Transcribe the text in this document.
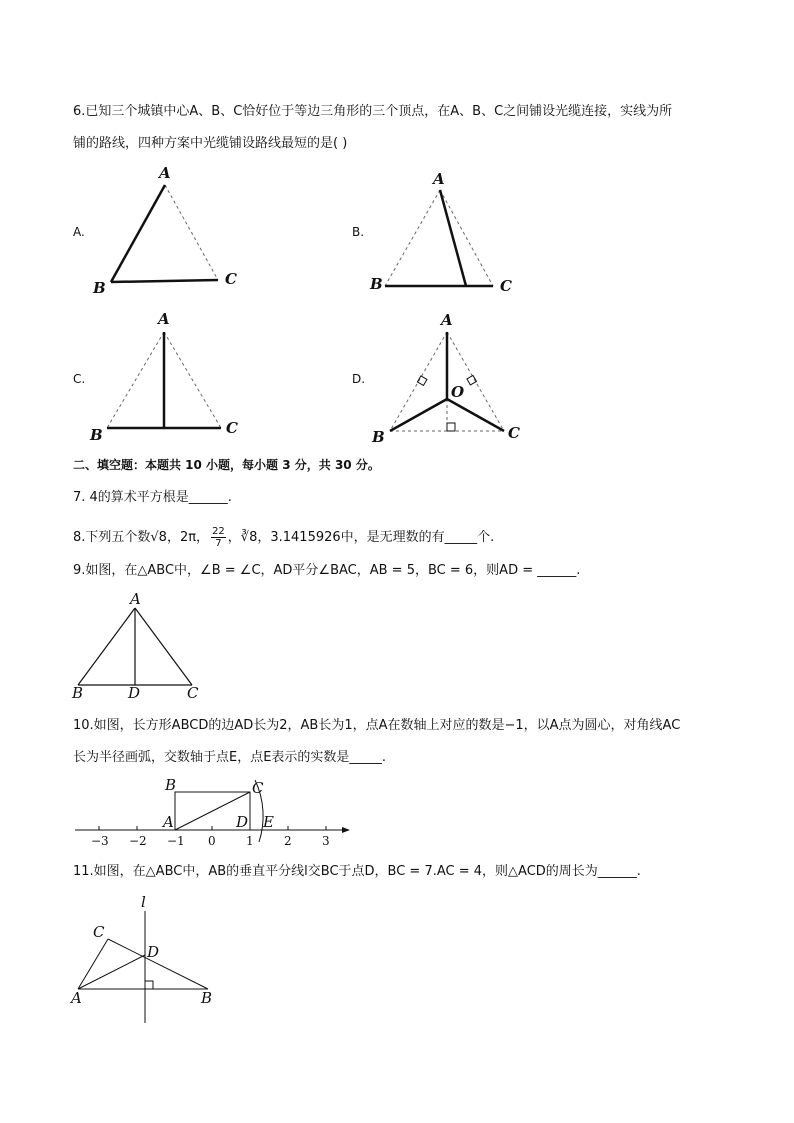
6.已知三个城镇中心A、B、C恰好位于等边三角形的三个顶点，在A、B、C之间铺设光缆连接，实线为所
铺的路线，四种方案中光缆铺设路线最短的是( )
A.	B.
C.	D.
A
B	C
A
B	C
A
B	C
A
O
B	C
二、填空题：本题共 10 小题，每小题 3 分，共 30 分。
7. 4的算术平方根是______.
8.下列五个数√8，2π， $\frac{22}{7}$ ，∛8，3.1415926中，是无理数的有_____个.
9.如图，在△ABC中，∠B = ∠C，AD平分∠BAC，AB = 5，BC = 6，则AD = ______.
A
B	D	C
10.如图，长方形ABCD的边AD长为2，AB长为1，点A在数轴上对应的数是−1，以A点为圆心，对角线AC
长为半径画弧，交数轴于点E，点E表示的实数是_____.
B	C
A	D E
−3 −2 −1 0	1	2	3
11.如图，在△ABC中，AB的垂直平分线l交BC于点D，BC = 7.AC = 4，则△ACD的周长为______.
l
C
D
A	B
